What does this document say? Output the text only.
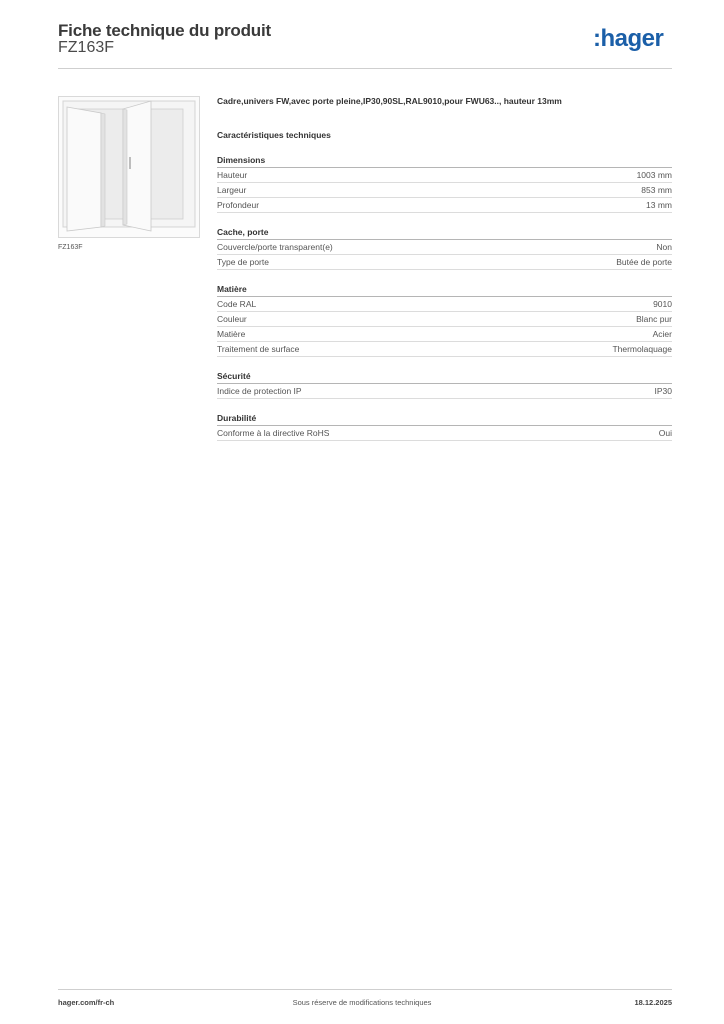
Fiche technique du produit
FZ163F	:hager
FZ163F
Cadre,univers FW,avec porte pleine,IP30,90SL,RAL9010,pour FWU63.., hauteur 13mm
Caractéristiques techniques
Dimensions
Hauteur	1003 mm
Largeur	853 mm
Profondeur	13 mm
Cache, porte
Couvercle/porte transparent(e)	Non
Type de porte	Butée de porte
Matière
Code RAL	9010
Couleur	Blanc pur
Matière	Acier
Traitement de surface	Thermolaquage
Sécurité
Indice de protection IP	IP30
Durabilité
Conforme à la directive RoHS	Oui
hager.com/fr-ch	Sous réserve de modifications techniques	18.12.2025
